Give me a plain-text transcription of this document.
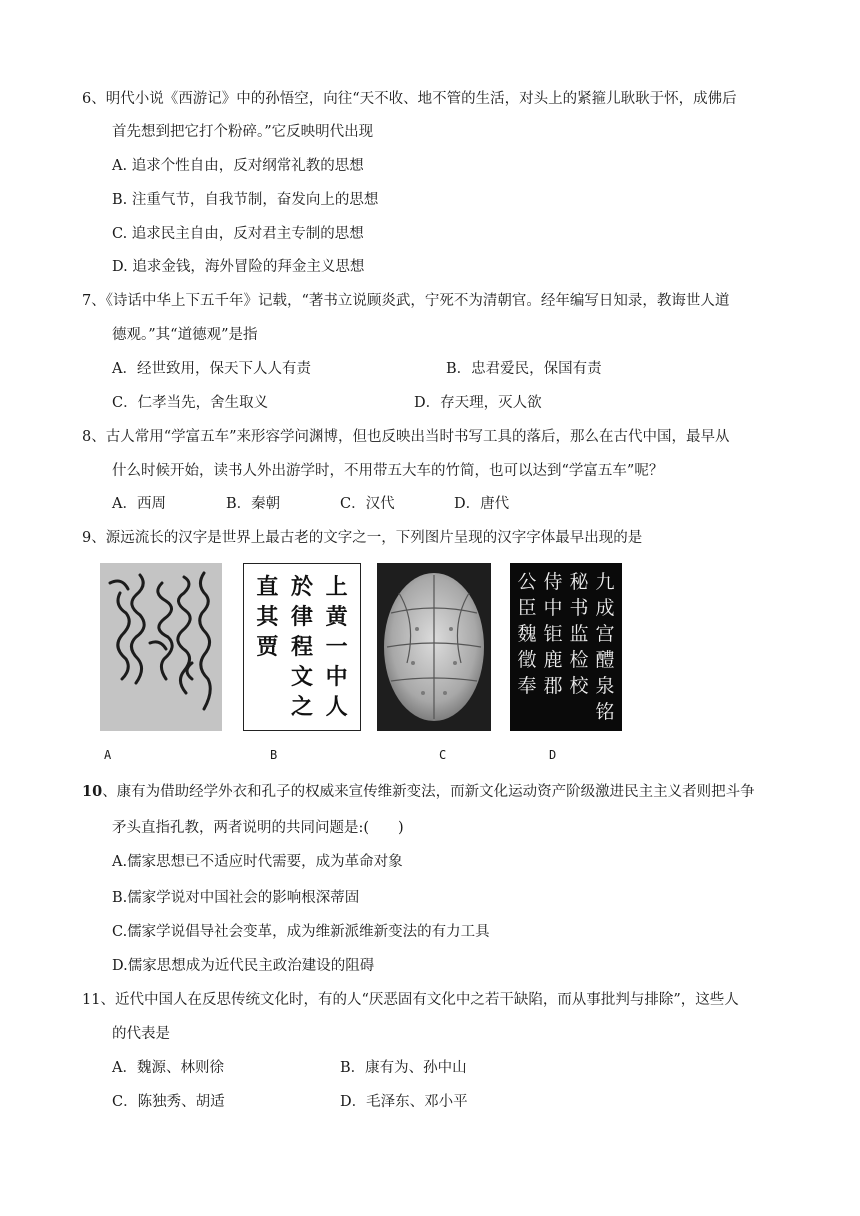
6、明代小说《西游记》中的孙悟空，向往“天不收、地不管的生活，对头上的紧箍儿耿耿于怀，成佛后
首先想到把它打个粉碎。”它反映明代出现
A. 追求个性自由，反对纲常礼教的思想
B. 注重气节，自我节制，奋发向上的思想
C. 追求民主自由，反对君主专制的思想
D. 追求金钱，海外冒险的拜金主义思想
7、《诗话中华上下五千年》记载，“著书立说顾炎武，宁死不为清朝官。经年编写日知录，教诲世人道
德观。”其“道德观”是指
A．经世致用，保天下人人有责	B．忠君爱民，保国有责
C．仁孝当先，舍生取义	D．存天理，灭人欲
8、古人常用“学富五车”来形容学问渊博，但也反映出当时书写工具的落后，那么在古代中国，最早从
什么时候开始，读书人外出游学时，不用带五大车的竹简，也可以达到“学富五车”呢？
A．西周	B．秦朝	C．汉代	D．唐代
9、源远流长的汉字是世界上最古老的文字之一，下列图片呈现的汉字字体最早出现的是
上
於
直
黄
律
其
一
程
贾
中
文
人
之
九
秘
侍
公
成
书
中
臣
宫
监
钜
魏
醴
检
鹿
徵
泉
校
郡
奉
铭
A	B	C	D
10、康有为借助经学外衣和孔子的权威来宣传维新变法，而新文化运动资产阶级激进民主主义者则把斗争
矛头直指孔教，两者说明的共同问题是:(　　)
A.儒家思想已不适应时代需要，成为革命对象
B.儒家学说对中国社会的影响根深蒂固
C.儒家学说倡导社会变革，成为维新派维新变法的有力工具
D.儒家思想成为近代民主政治建设的阻碍
11、近代中国人在反思传统文化时，有的人“厌恶固有文化中之若干缺陷，而从事批判与排除”，这些人
的代表是
A．魏源、林则徐	B．康有为、孙中山
C．陈独秀、胡适	D．毛泽东、邓小平
